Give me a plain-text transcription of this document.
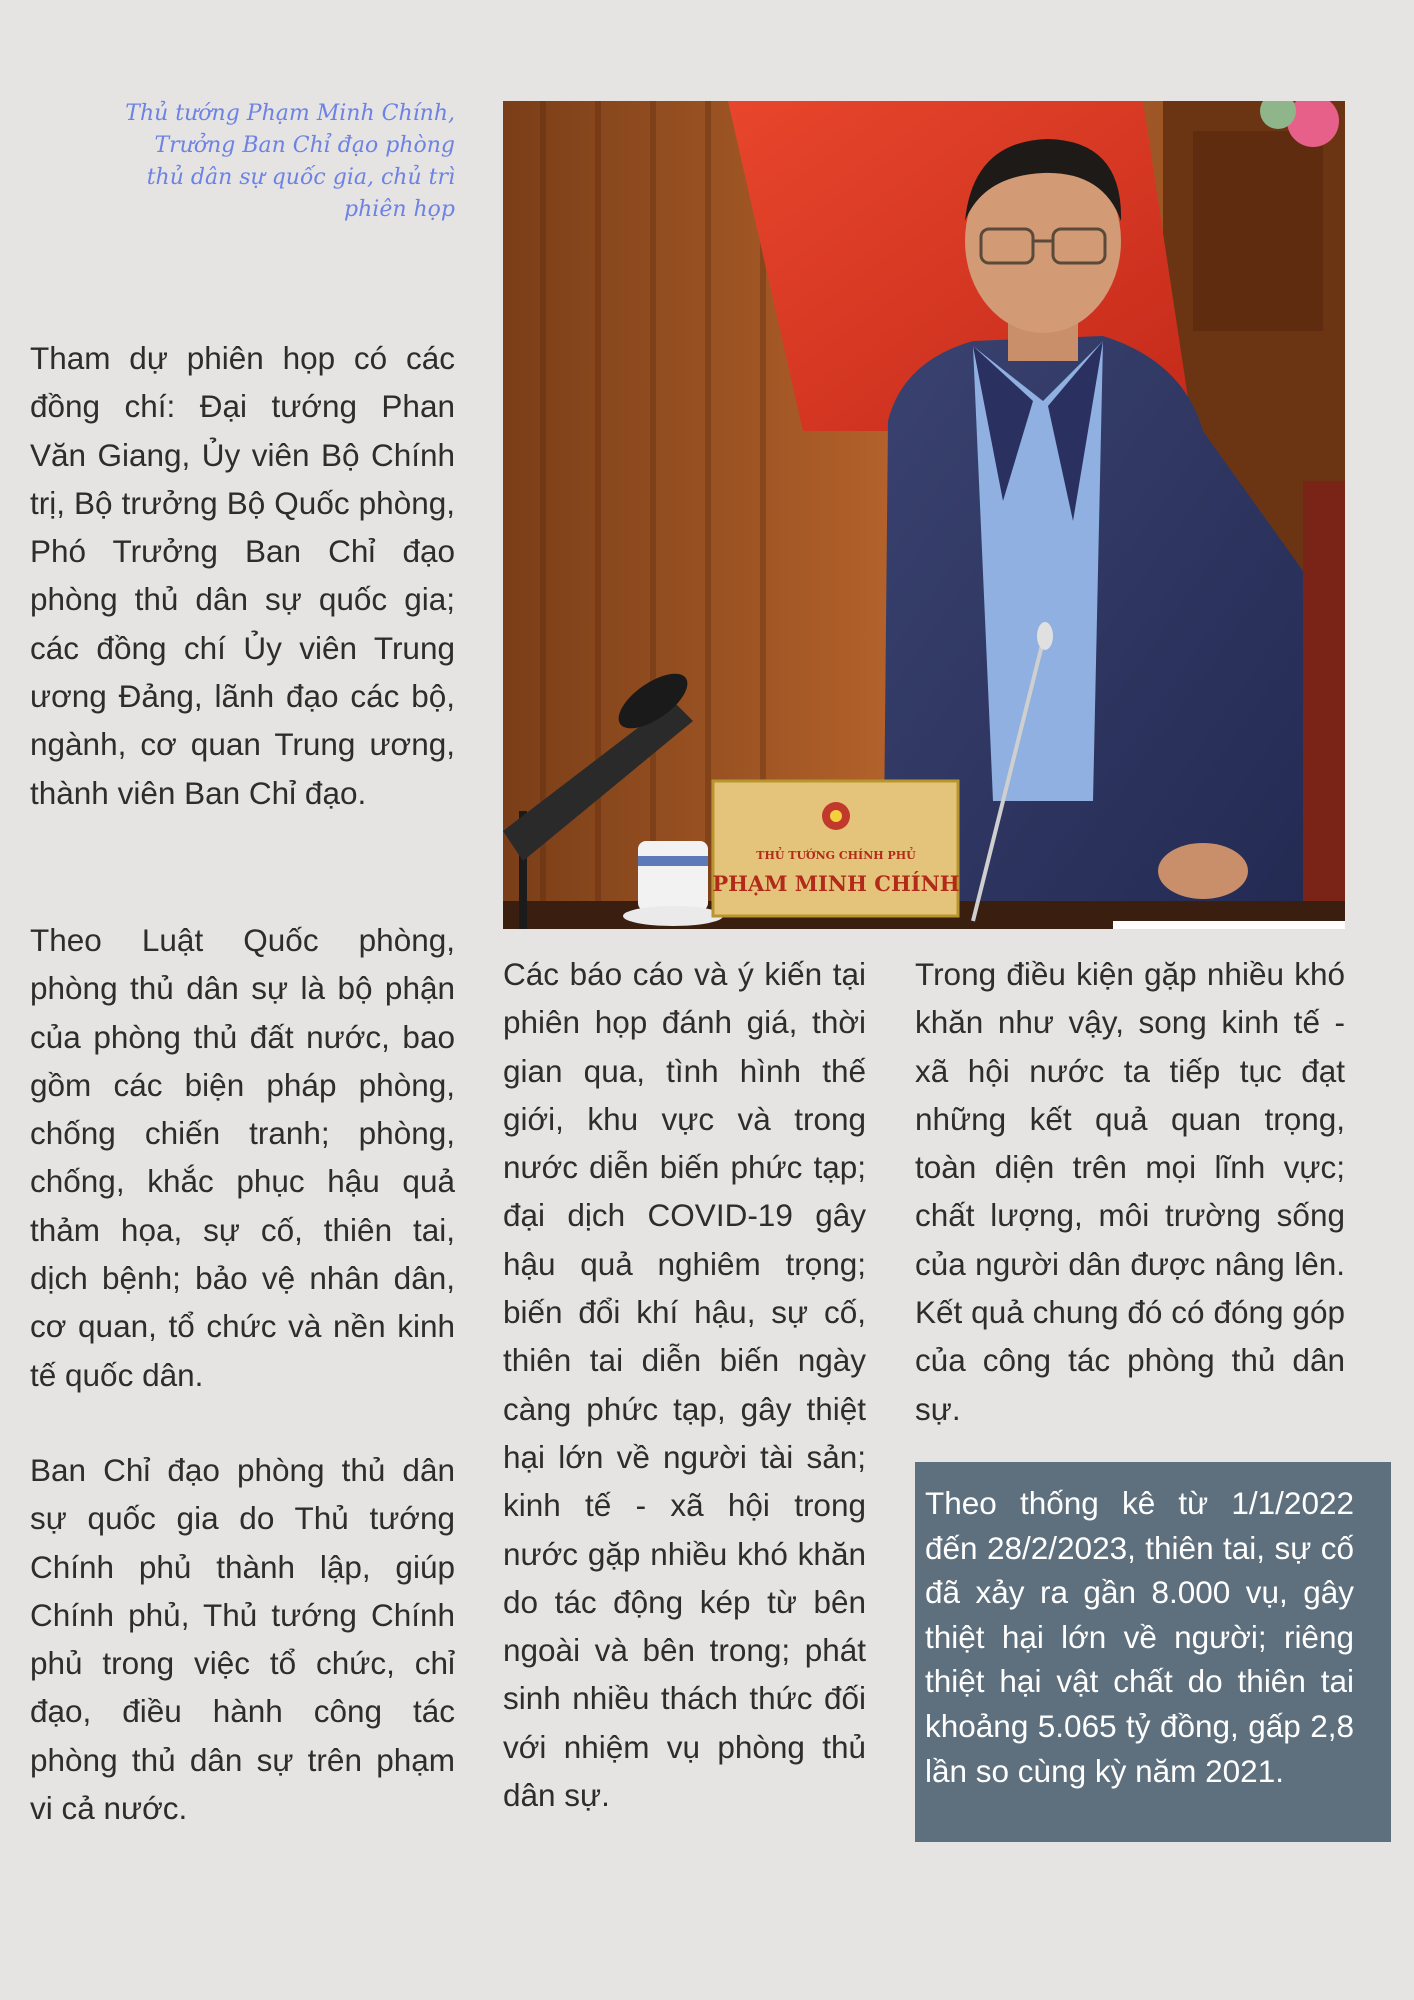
Thủ tướng Phạm Minh Chính, Trưởng Ban Chỉ đạo phòng thủ dân sự quốc gia, chủ trì phiên họp
THỦ TƯỚNG CHÍNH PHỦ
PHẠM MINH CHÍNH

Tham dự phiên họp có các đồng chí: Đại tướng Phan Văn Giang, Ủy viên Bộ Chính trị, Bộ trưởng Bộ Quốc phòng, Phó Trưởng Ban Chỉ đạo phòng thủ dân sự quốc gia; các đồng chí Ủy viên Trung ương Đảng, lãnh đạo các bộ, ngành, cơ quan Trung ương, thành viên Ban Chỉ đạo.

Theo Luật Quốc phòng, phòng thủ dân sự là bộ phận của phòng thủ đất nước, bao gồm các biện pháp phòng, chống chiến tranh; phòng, chống, khắc phục hậu quả thảm họa, sự cố, thiên tai, dịch bệnh; bảo vệ nhân dân, cơ quan, tổ chức và nền kinh tế quốc dân.

Ban Chỉ đạo phòng thủ dân sự quốc gia do Thủ tướng Chính phủ thành lập, giúp Chính phủ, Thủ tướng Chính phủ trong việc tổ chức, chỉ đạo, điều hành công tác phòng thủ dân sự trên phạm vi cả nước.

Các báo cáo và ý kiến tại phiên họp đánh giá, thời gian qua, tình hình thế giới, khu vực và trong nước diễn biến phức tạp; đại dịch COVID-19 gây hậu quả nghiêm trọng; biến đổi khí hậu, sự cố, thiên tai diễn biến ngày càng phức tạp, gây thiệt hại lớn về người tài sản; kinh tế - xã hội trong nước gặp nhiều khó khăn do tác động kép từ bên ngoài và bên trong; phát sinh nhiều thách thức đối với nhiệm vụ phòng thủ dân sự.

Trong điều kiện gặp nhiều khó khăn như vậy, song kinh tế - xã hội nước ta tiếp tục đạt những kết quả quan trọng, toàn diện trên mọi lĩnh vực; chất lượng, môi trường sống của người dân được nâng lên. Kết quả chung đó có đóng góp của công tác phòng thủ dân sự.

Theo thống kê từ 1/1/2022 đến 28/2/2023, thiên tai, sự cố đã xảy ra gần 8.000 vụ, gây thiệt hại lớn về người; riêng thiệt hại vật chất do thiên tai khoảng 5.065 tỷ đồng, gấp 2,8 lần so cùng kỳ năm 2021.
